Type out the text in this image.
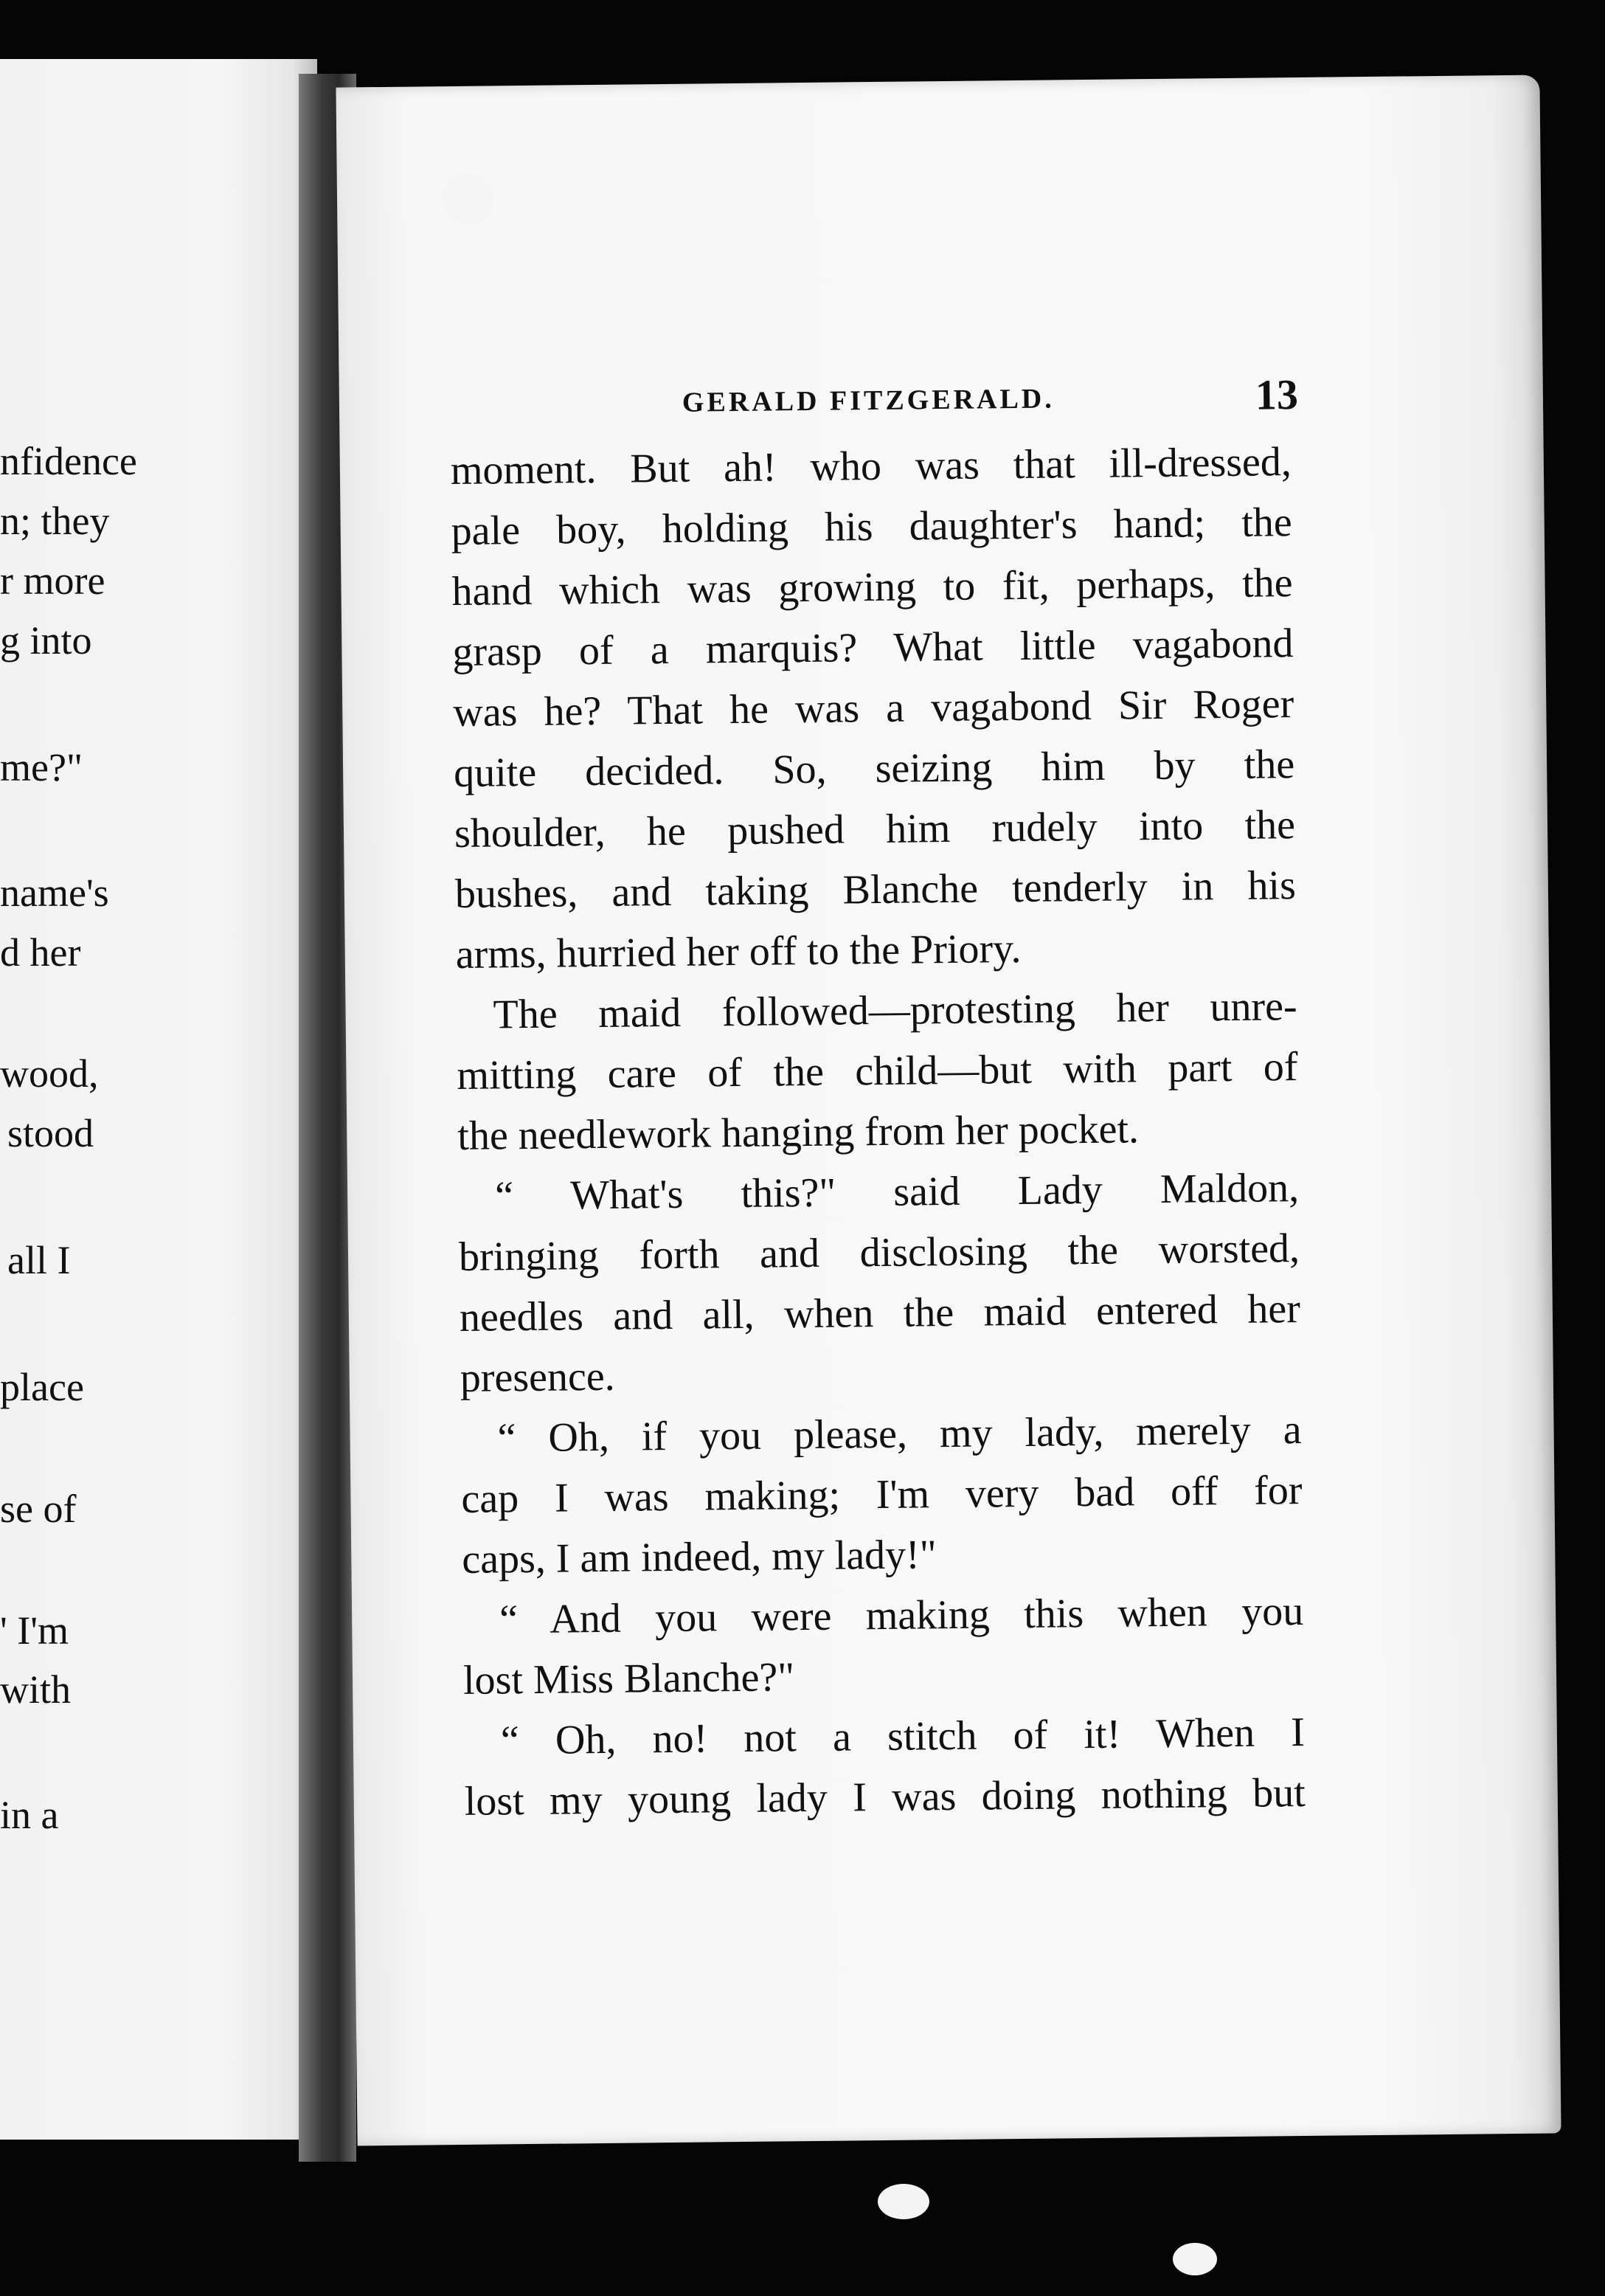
nfidence
n; they
r more
g into
me?"
name's
d her
wood,
stood
all I
place
se of
' I'm
with
in a
GERALD FITZGERALD.	13
moment. But ah! who was that ill-dressed,
pale boy, holding his daughter's hand; the
hand which was growing to fit, perhaps, the
grasp of a marquis? What little vagabond
was he? That he was a vagabond Sir Roger
quite decided. So, seizing him by the
shoulder, he pushed him rudely into the
bushes, and taking Blanche tenderly in his
arms, hurried her off to the Priory.
The maid followed—protesting her unre-
mitting care of the child—but with part of
the needlework hanging from her pocket.
“ What's this?" said Lady Maldon,
bringing forth and disclosing the worsted,
needles and all, when the maid entered her
presence.
“ Oh, if you please, my lady, merely a
cap I was making; I'm very bad off for
caps, I am indeed, my lady!"
“ And you were making this when you
lost Miss Blanche?"
“ Oh, no! not a stitch of it! When I
lost my young lady I was doing nothing but
